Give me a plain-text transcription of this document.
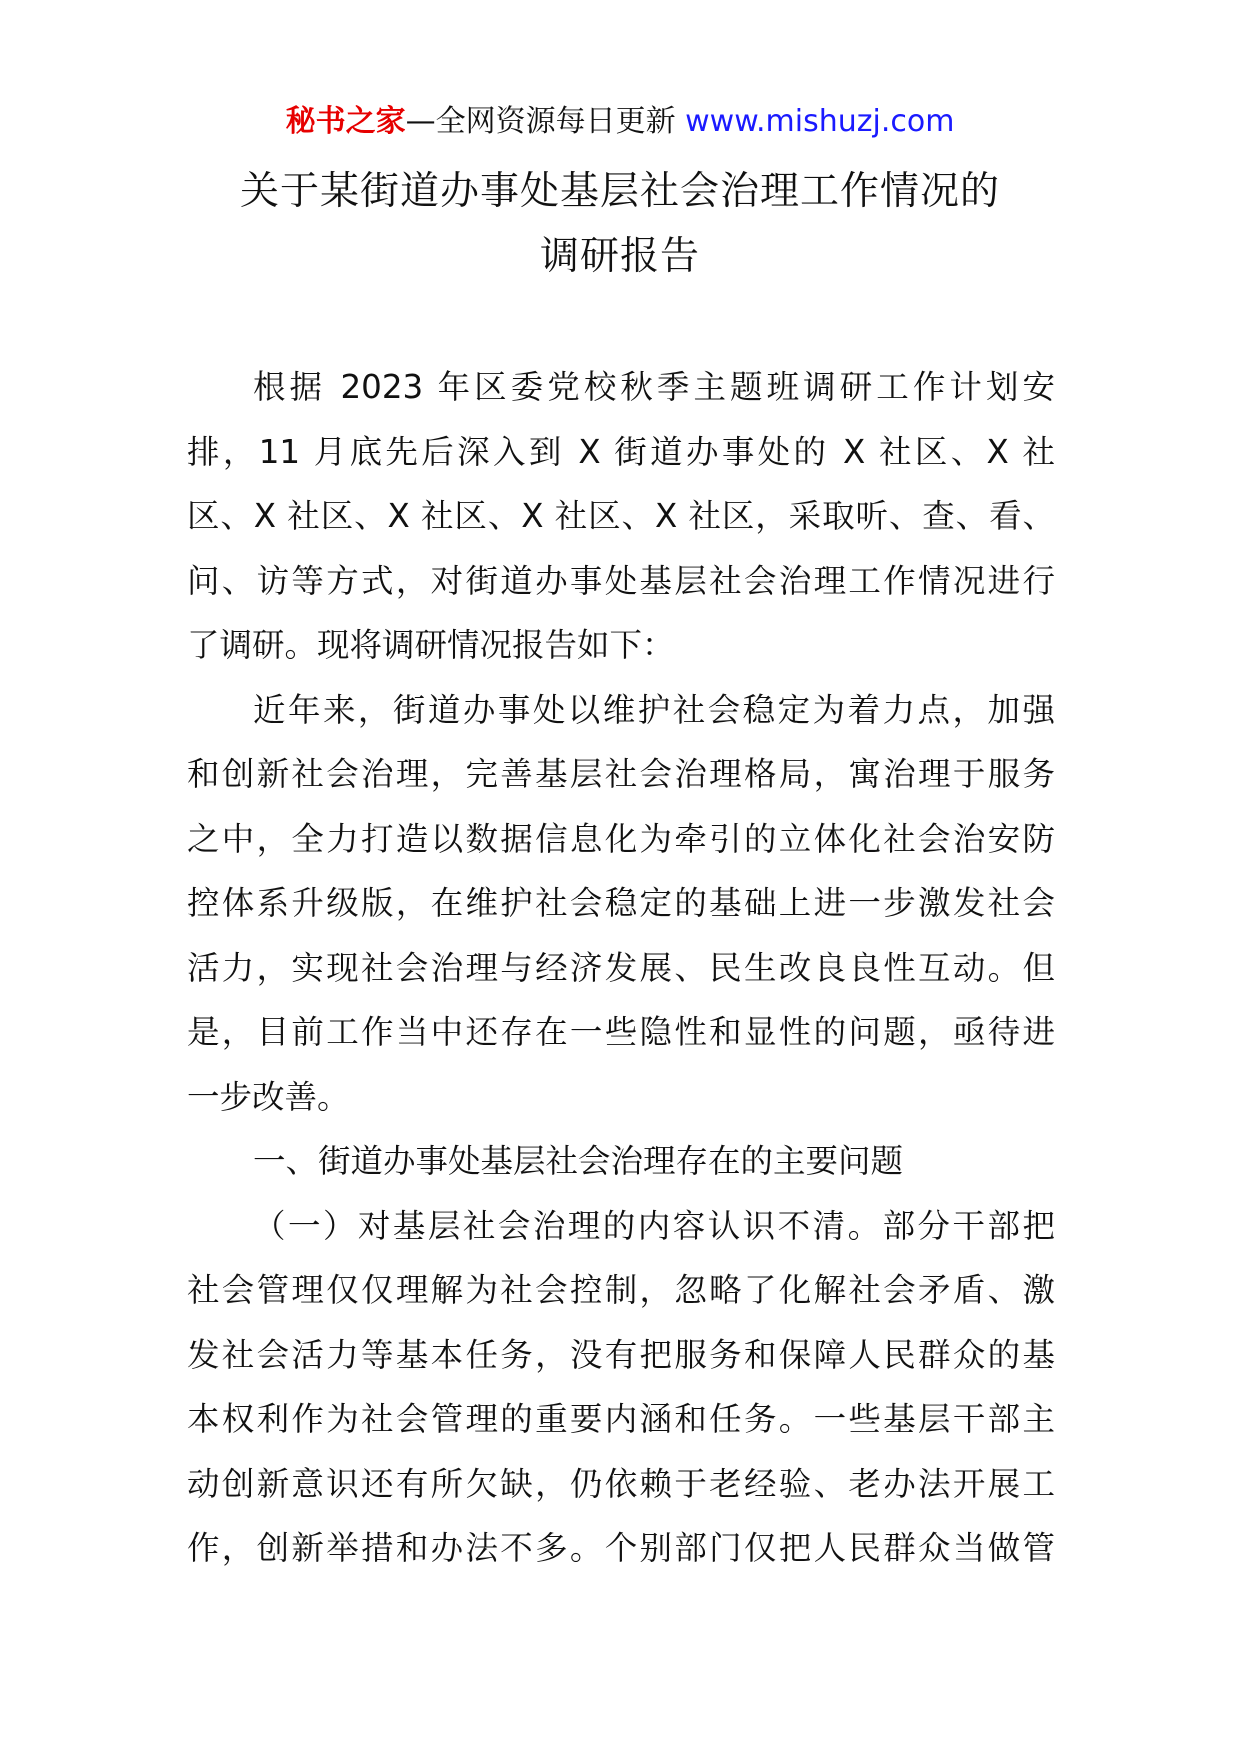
秘书之家—全网资源每日更新 www.mishuzj.com
关于某街道办事处基层社会治理工作情况的
调研报告
根据 2023 年区委党校秋季主题班调研工作计划安
排，11 月底先后深入到 X 街道办事处的 X 社区、X 社
区、X 社区、X 社区、X 社区、X 社区，采取听、查、看、
问、访等方式，对街道办事处基层社会治理工作情况进行
了调研。现将调研情况报告如下：
近年来，街道办事处以维护社会稳定为着力点，加强
和创新社会治理，完善基层社会治理格局，寓治理于服务
之中，全力打造以数据信息化为牵引的立体化社会治安防
控体系升级版，在维护社会稳定的基础上进一步激发社会
活力，实现社会治理与经济发展、民生改良良性互动。但
是，目前工作当中还存在一些隐性和显性的问题，亟待进
一步改善。
一、街道办事处基层社会治理存在的主要问题
（一）对基层社会治理的内容认识不清。部分干部把
社会管理仅仅理解为社会控制，忽略了化解社会矛盾、激
发社会活力等基本任务，没有把服务和保障人民群众的基
本权利作为社会管理的重要内涵和任务。一些基层干部主
动创新意识还有所欠缺，仍依赖于老经验、老办法开展工
作，创新举措和办法不多。个别部门仅把人民群众当做管
